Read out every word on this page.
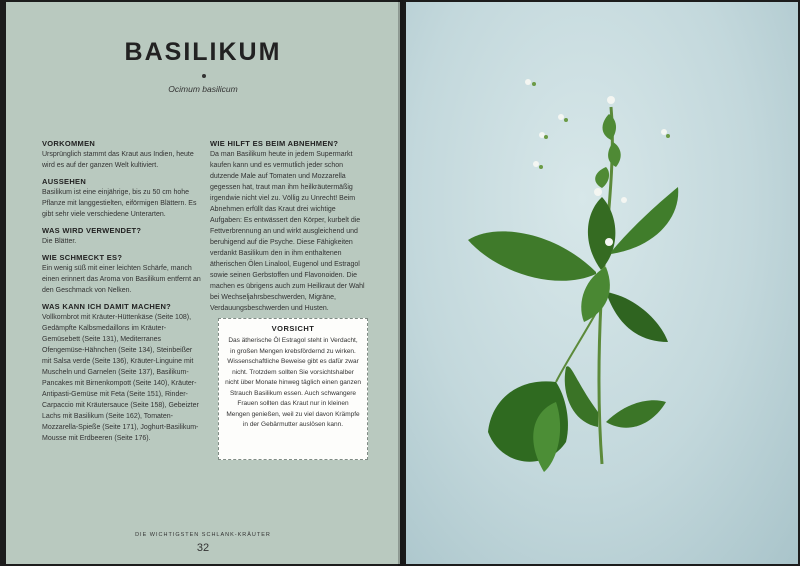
BASILIKUM
Ocimum basilicum
VORKOMMEN

Ursprünglich stammt das Kraut aus Indien, heute wird es auf der ganzen Welt kultiviert.

AUSSEHEN

Basilikum ist eine einjährige, bis zu 50 cm hohe Pflanze mit langgestielten, eiförmigen Blättern. Es gibt sehr viele verschiedene Unterarten.

WAS WIRD VERWENDET?

Die Blätter.

WIE SCHMECKT ES?

Ein wenig süß mit einer leichten Schärfe, manch einen erinnert das Aroma von Basilikum entfernt an den Geschmack von Nelken.

WAS KANN ICH DAMIT MACHEN?

Vollkornbrot mit Kräuter-Hüttenkäse (Seite 108), Gedämpfte Kalbsmedaillons im Kräuter-Gemüsebett (Seite 131), Mediterranes Ofengemüse-Hähnchen (Seite 134), Steinbeißer mit Salsa verde (Seite 136), Kräuter-Linguine mit Muscheln und Garnelen (Seite 137), Basilikum-Pancakes mit Birnenkompott (Seite 140), Kräuter-Antipasti-Gemüse mit Feta (Seite 151), Rinder-Carpaccio mit Kräutersauce (Seite 158), Gebeizter Lachs mit Basilikum (Seite 162), Tomaten-Mozzarella-Spieße (Seite 171), Joghurt-Basilikum-Mousse mit Erdbeeren (Seite 176).

WIE HILFT ES BEIM ABNEHMEN?

Da man Basilikum heute in jedem Supermarkt kaufen kann und es vermutlich jeder schon dutzende Male auf Tomaten und Mozzarella gegessen hat, traut man ihm heilkräutermäßig irgendwie nicht viel zu. Völlig zu Unrecht! Beim Abnehmen erfüllt das Kraut drei wichtige Aufgaben: Es entwässert den Körper, kurbelt die Fettverbrennung an und wirkt ausgleichend und beruhigend auf die Psyche. Diese Fähigkeiten verdankt Basilikum den in ihm enthaltenen ätherischen Ölen Linalool, Eugenol und Estragol sowie seinen Gerbstoffen und Flavonoiden. Die machen es übrigens auch zum Heilkraut der Wahl bei Wechseljahrsbeschwerden, Migräne, Verdauungsbeschwerden und Husten.

VORSICHT
Das ätherische Öl Estragol steht in Verdacht, in großen Mengen krebsfördernd zu wirken. Wissenschaftliche Beweise gibt es dafür zwar nicht. Trotzdem sollten Sie vorsichtshalber nicht über Monate hinweg täglich einen ganzen Strauch Basilikum essen. Auch schwangere Frauen sollten das Kraut nur in kleinen Mengen genießen, weil zu viel davon Krämpfe in der Gebärmutter auslösen kann.
DIE WICHTIGSTEN SCHLANK-KRÄUTER
32
